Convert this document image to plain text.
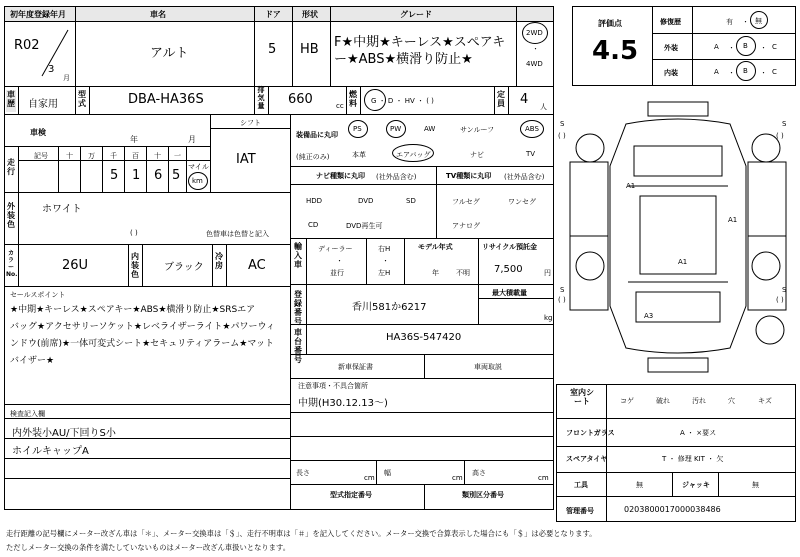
初年度登録年月	車名	ドア	形状	グレード
R02
3
月
アルト	5 HB F★中期★キーレス★スペアキー★ABS★横滑り防止★
2WD
・
4WD
車歴 自家用
型式	DBA-HA36S
排気量 660	cc
燃料 G ・ D ・ HV ・ ( )
定員 4 人
車検
年	月
シフト
IAT
走行
記号	十 万 千 百 十 一
5 1 6 5
マイル
km
外装色
ホワイト
( )	色替車は色替と記入
カラーNo.
26U
内装色
ブラック
冷房 AC
セールスポイント
★中期★キーレス★スペアキー★ABS★横滑り防止★SRSエア
バッグ★アクセサリーソケット★レベライザーライト★パワーウィ
ンドウ(前席)★一体可変式シート★セキュリティアラーム★マット
バイザー★
検査記入欄
内外装小AU/下回りS小
ホイルキャップA
装備品に丸印
(純正のみ)
PS	PW	AW	サンルーフ	ABS
本革	エアバッグ	ナビ	TV
ナビ種類に丸印 (社外品含む)	TV種類に丸印 (社外品含む)
HDD	DVD	SD
CD	DVD再生可
フルセグ	ワンセグ
アナログ
輸入車
ディーラー
・
並行
右H
・
左H
モデル年式
年 不明
リサイクル預託金
7,500	円
登録番号
香川581か6217
最大積載量
kg
車台番号
HA36S-547420
新車保証書	車両取説
注意事項・不具合箇所
中期(H30.12.13〜)
長さ
cm
幅
cm
高さ
cm
型式指定番号	類別区分番号
評価点
4.5
修復歴	有 ・ 無
外装	A ・ B ・ C
内装	A ・ B ・ C
A1
A1
A1
A3
S
( )
S
( )
S
( )
S
( )
室内シート	コゲ	破れ	汚れ	穴	キズ
フロントガラス	A ・ ×要ス
スペアタイヤ	T ・ 修理 KIT ・ 欠
工具	無	ジャッキ	無
管理番号	0203800017000038486
走行距離の記号欄にメーター改ざん車は「＊」、メーター交換車は「＄」、走行不明車は「＃」を記入してください。メーター交換で合算表示した場合にも「＄」は必要となります。
ただしメーター交換の条件を満たしていないものはメーター改ざん車扱いとなります。
